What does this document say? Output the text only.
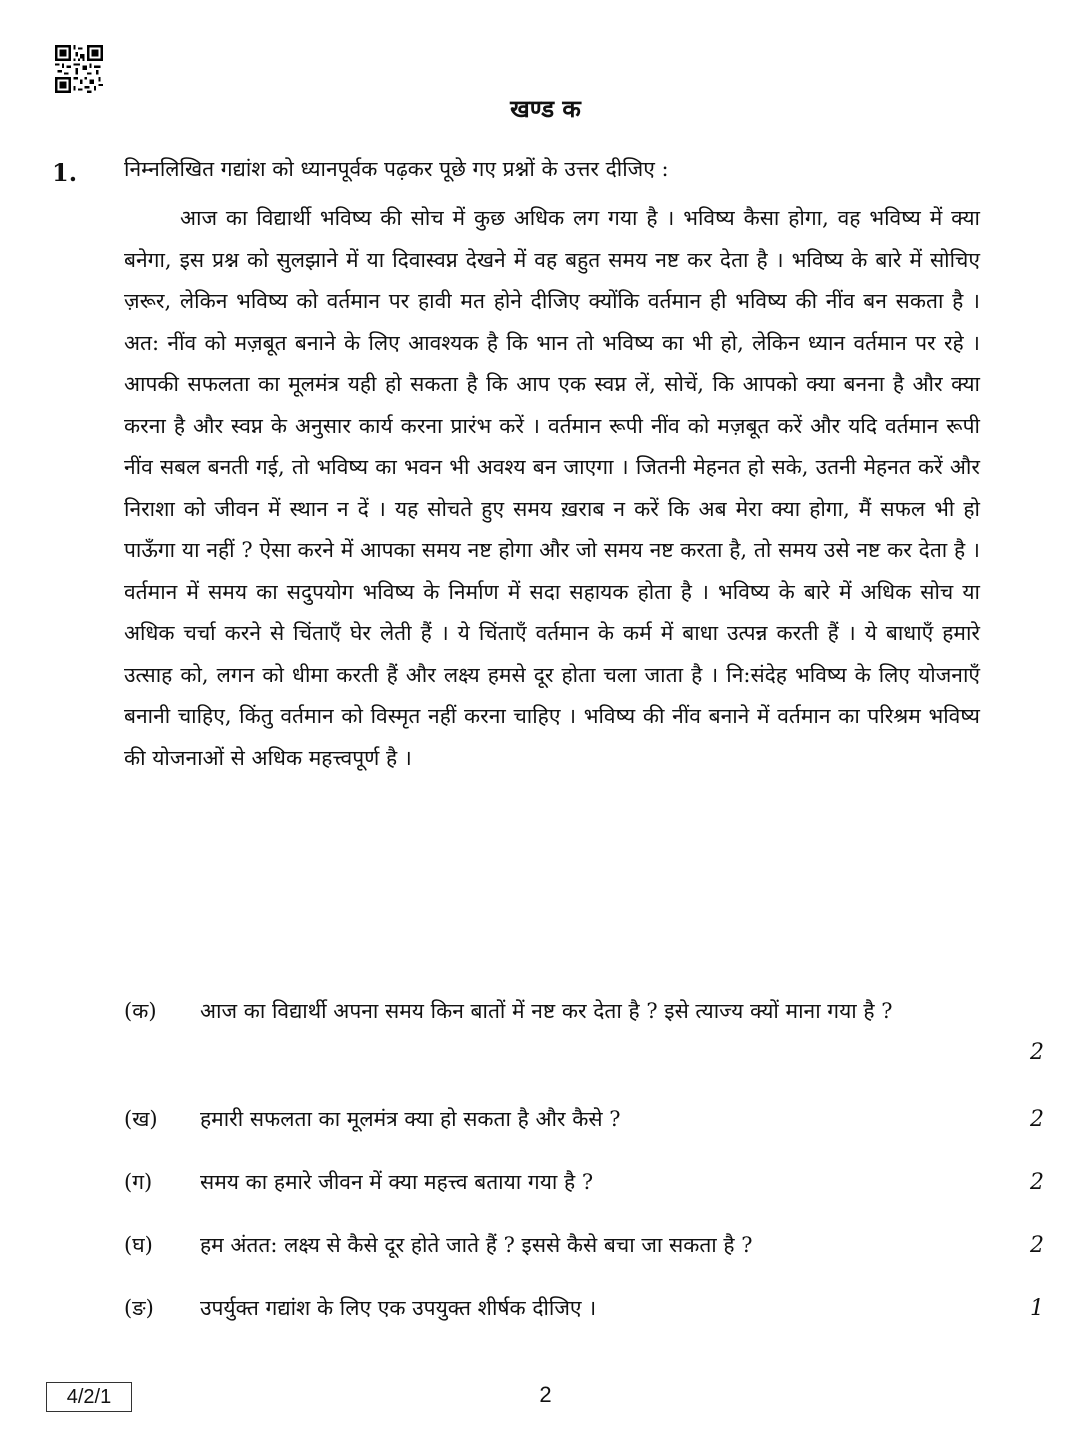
खण्ड क
1. निम्नलिखित गद्यांश को ध्यानपूर्वक पढ़कर पूछे गए प्रश्नों के उत्तर दीजिए :

आज का विद्यार्थी भविष्य की सोच में कुछ अधिक लग गया है । भविष्य कैसा होगा, वह भविष्य में क्या बनेगा, इस प्रश्न को सुलझाने में या दिवास्वप्न देखने में वह बहुत समय नष्ट कर देता है । भविष्य के बारे में सोचिए ज़रूर, लेकिन भविष्य को वर्तमान पर हावी मत होने दीजिए क्योंकि वर्तमान ही भविष्य की नींव बन सकता है । अत: नींव को मज़बूत बनाने के लिए आवश्यक है कि भान तो भविष्य का भी हो, लेकिन ध्यान वर्तमान पर रहे । आपकी सफलता का मूलमंत्र यही हो सकता है कि आप एक स्वप्न लें, सोचें, कि आपको क्या बनना है और क्या करना है और स्वप्न के अनुसार कार्य करना प्रारंभ करें । वर्तमान रूपी नींव को मज़बूत करें और यदि वर्तमान रूपी नींव सबल बनती गई, तो भविष्य का भवन भी अवश्य बन जाएगा । जितनी मेहनत हो सके, उतनी मेहनत करें और निराशा को जीवन में स्थान न दें । यह सोचते हुए समय ख़राब न करें कि अब मेरा क्या होगा, मैं सफल भी हो पाऊँगा या नहीं ? ऐसा करने में आपका समय नष्ट होगा और जो समय नष्ट करता है, तो समय उसे नष्ट कर देता है । वर्तमान में समय का सदुपयोग भविष्य के निर्माण में सदा सहायक होता है । भविष्य के बारे में अधिक सोच या अधिक चर्चा करने से चिंताएँ घेर लेती हैं । ये चिंताएँ वर्तमान के कर्म में बाधा उत्पन्न करती हैं । ये बाधाएँ हमारे उत्साह को, लगन को धीमा करती हैं और लक्ष्य हमसे दूर होता चला जाता है । नि:संदेह भविष्य के लिए योजनाएँ बनानी चाहिए, किंतु वर्तमान को विस्मृत नहीं करना चाहिए । भविष्य की नींव बनाने में वर्तमान का परिश्रम भविष्य की योजनाओं से अधिक महत्त्वपूर्ण है ।

(क) आज का विद्यार्थी अपना समय किन बातों में नष्ट कर देता है ? इसे त्याज्य क्यों माना गया है ?
2
(ख) हमारी सफलता का मूलमंत्र क्या हो सकता है और कैसे ?	2
(ग) समय का हमारे जीवन में क्या महत्त्व बताया गया है ?	2
(घ) हम अंतत: लक्ष्य से कैसे दूर होते जाते हैं ? इससे कैसे बचा जा सकता है ?	2
(ङ) उपर्युक्त गद्यांश के लिए एक उपयुक्त शीर्षक दीजिए ।	1
4/2/1	2
